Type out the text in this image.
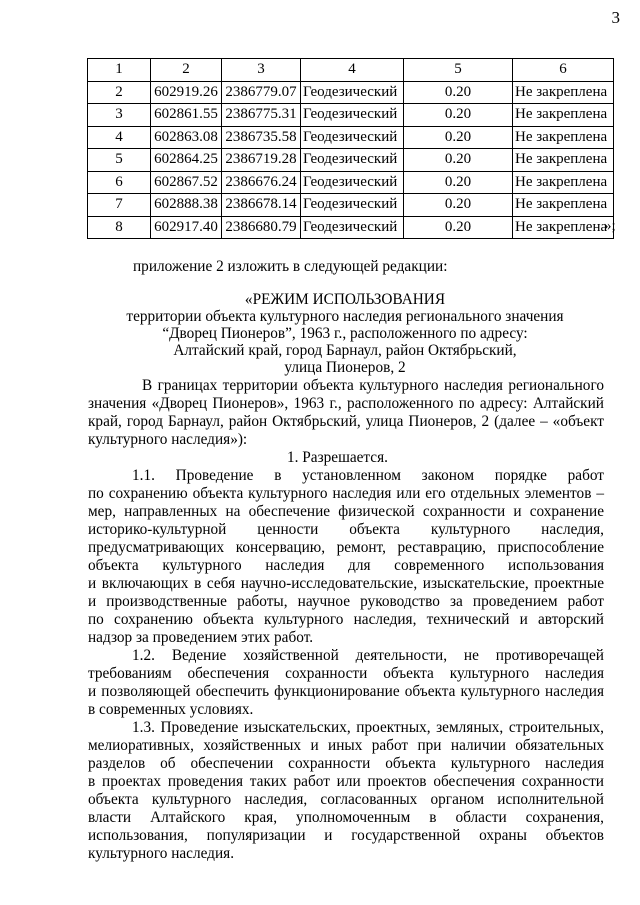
3
1	2	3	4	5	6
2	602919.26	2386779.07	Геодезический	0.20	Не закреплена
3	602861.55	2386775.31	Геодезический	0.20	Не закреплена
4	602863.08	2386735.58	Геодезический	0.20	Не закреплена
5	602864.25	2386719.28	Геодезический	0.20	Не закреплена
6	602867.52	2386676.24	Геодезический	0.20	Не закреплена
7	602888.38	2386678.14	Геодезический	0.20	Не закреплена
8	602917.40	2386680.79	Геодезический	0.20	Не закреплена
»;
приложение 2 изложить в следующей редакции:
«РЕЖИМ ИСПОЛЬЗОВАНИЯ
территории объекта культурного наследия регионального значения
“Дворец Пионеров”, 1963 г., расположенного по адресу:
Алтайский край, город Барнаул, район Октябрьский,
улица Пионеров, 2
В границах территории объекта культурного наследия регионального
значения «Дворец Пионеров», 1963 г., расположенного по адресу: Алтайский
край, город Барнаул, район Октябрьский, улица Пионеров, 2 (далее – «объект
культурного наследия»):
1. Разрешается.
1.1. Проведение в установленном законом порядке работ
по сохранению объекта культурного наследия или его отдельных элементов –
мер, направленных на обеспечение физической сохранности и сохранение
историко-культурной ценности объекта культурного наследия,
предусматривающих консервацию, ремонт, реставрацию, приспособление
объекта культурного наследия для современного использования
и включающих в себя научно-исследовательские, изыскательские, проектные
и производственные работы, научное руководство за проведением работ
по сохранению объекта культурного наследия, технический и авторский
надзор за проведением этих работ.
1.2. Ведение хозяйственной деятельности, не противоречащей
требованиям обеспечения сохранности объекта культурного наследия
и позволяющей обеспечить функционирование объекта культурного наследия
в современных условиях.
1.3. Проведение изыскательских, проектных, земляных, строительных,
мелиоративных, хозяйственных и иных работ при наличии обязательных
разделов об обеспечении сохранности объекта культурного наследия
в проектах проведения таких работ или проектов обеспечения сохранности
объекта культурного наследия, согласованных органом исполнительной
власти Алтайского края, уполномоченным в области сохранения,
использования, популяризации и государственной охраны объектов
культурного наследия.
